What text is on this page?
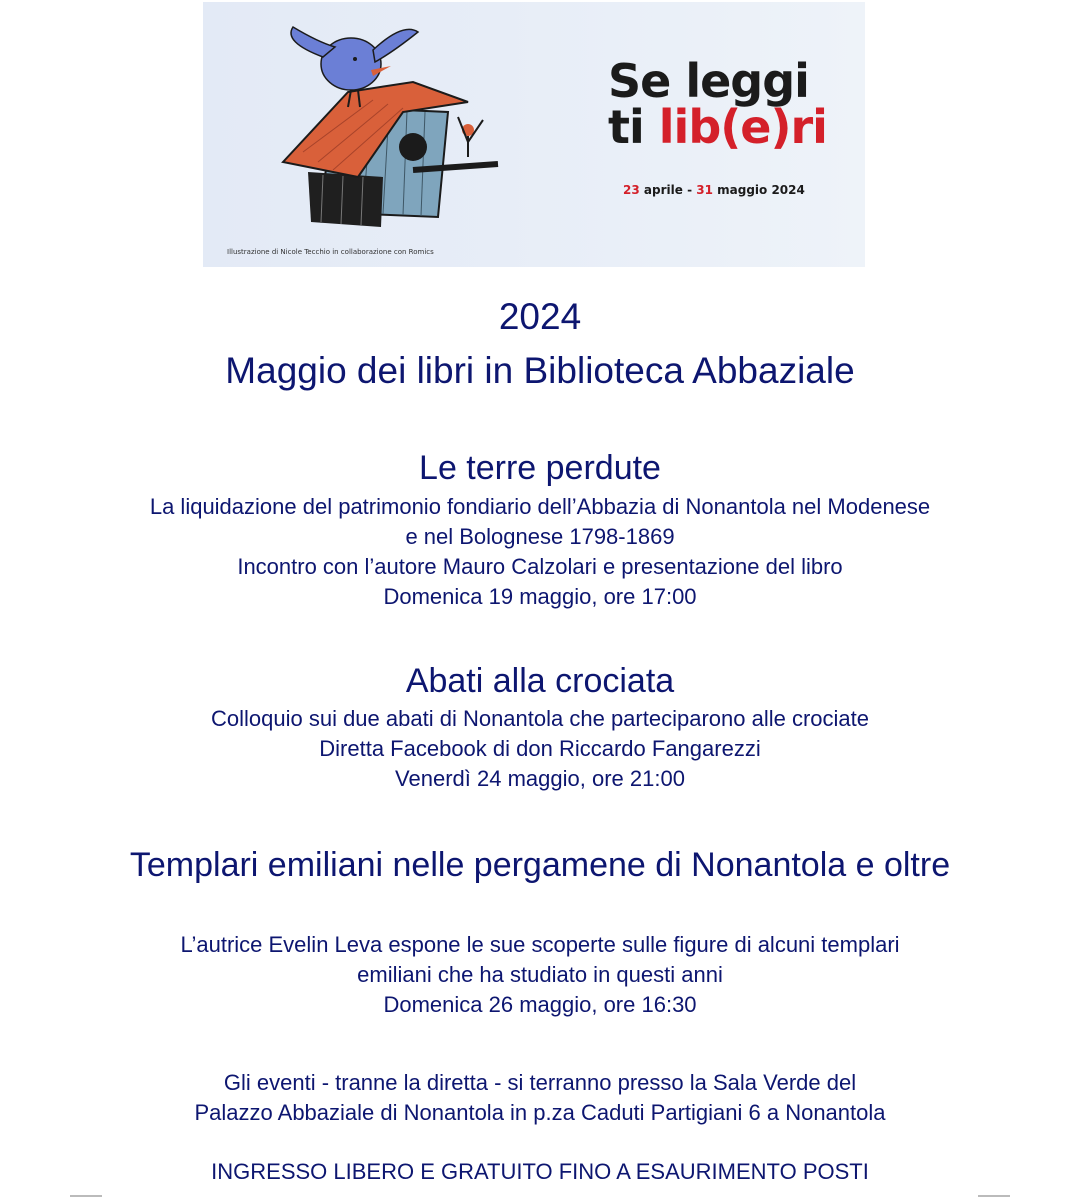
Se leggi
ti lib(e)ri
23 aprile - 31 maggio 2024
Illustrazione di Nicole Tecchio in collaborazione con Romics
2024
Maggio dei libri in Biblioteca Abbaziale
Le terre perdute
La liquidazione del patrimonio fondiario dell’Abbazia di Nonantola nel Modenese
e nel Bolognese 1798-1869
Incontro con l’autore Mauro Calzolari e presentazione del libro
Domenica 19 maggio, ore 17:00
Abati alla crociata
Colloquio sui due abati di Nonantola che parteciparono alle crociate
Diretta Facebook di don Riccardo Fangarezzi
Venerdì 24 maggio, ore 21:00
Templari emiliani nelle pergamene di Nonantola e oltre
L’autrice Evelin Leva espone le sue scoperte sulle figure di alcuni templari
emiliani che ha studiato in questi anni
Domenica 26 maggio, ore 16:30
Gli eventi - tranne la diretta - si terranno presso la Sala Verde del
Palazzo Abbaziale di Nonantola in p.za Caduti Partigiani 6 a Nonantola
INGRESSO LIBERO E GRATUITO FINO A ESAURIMENTO POSTI
